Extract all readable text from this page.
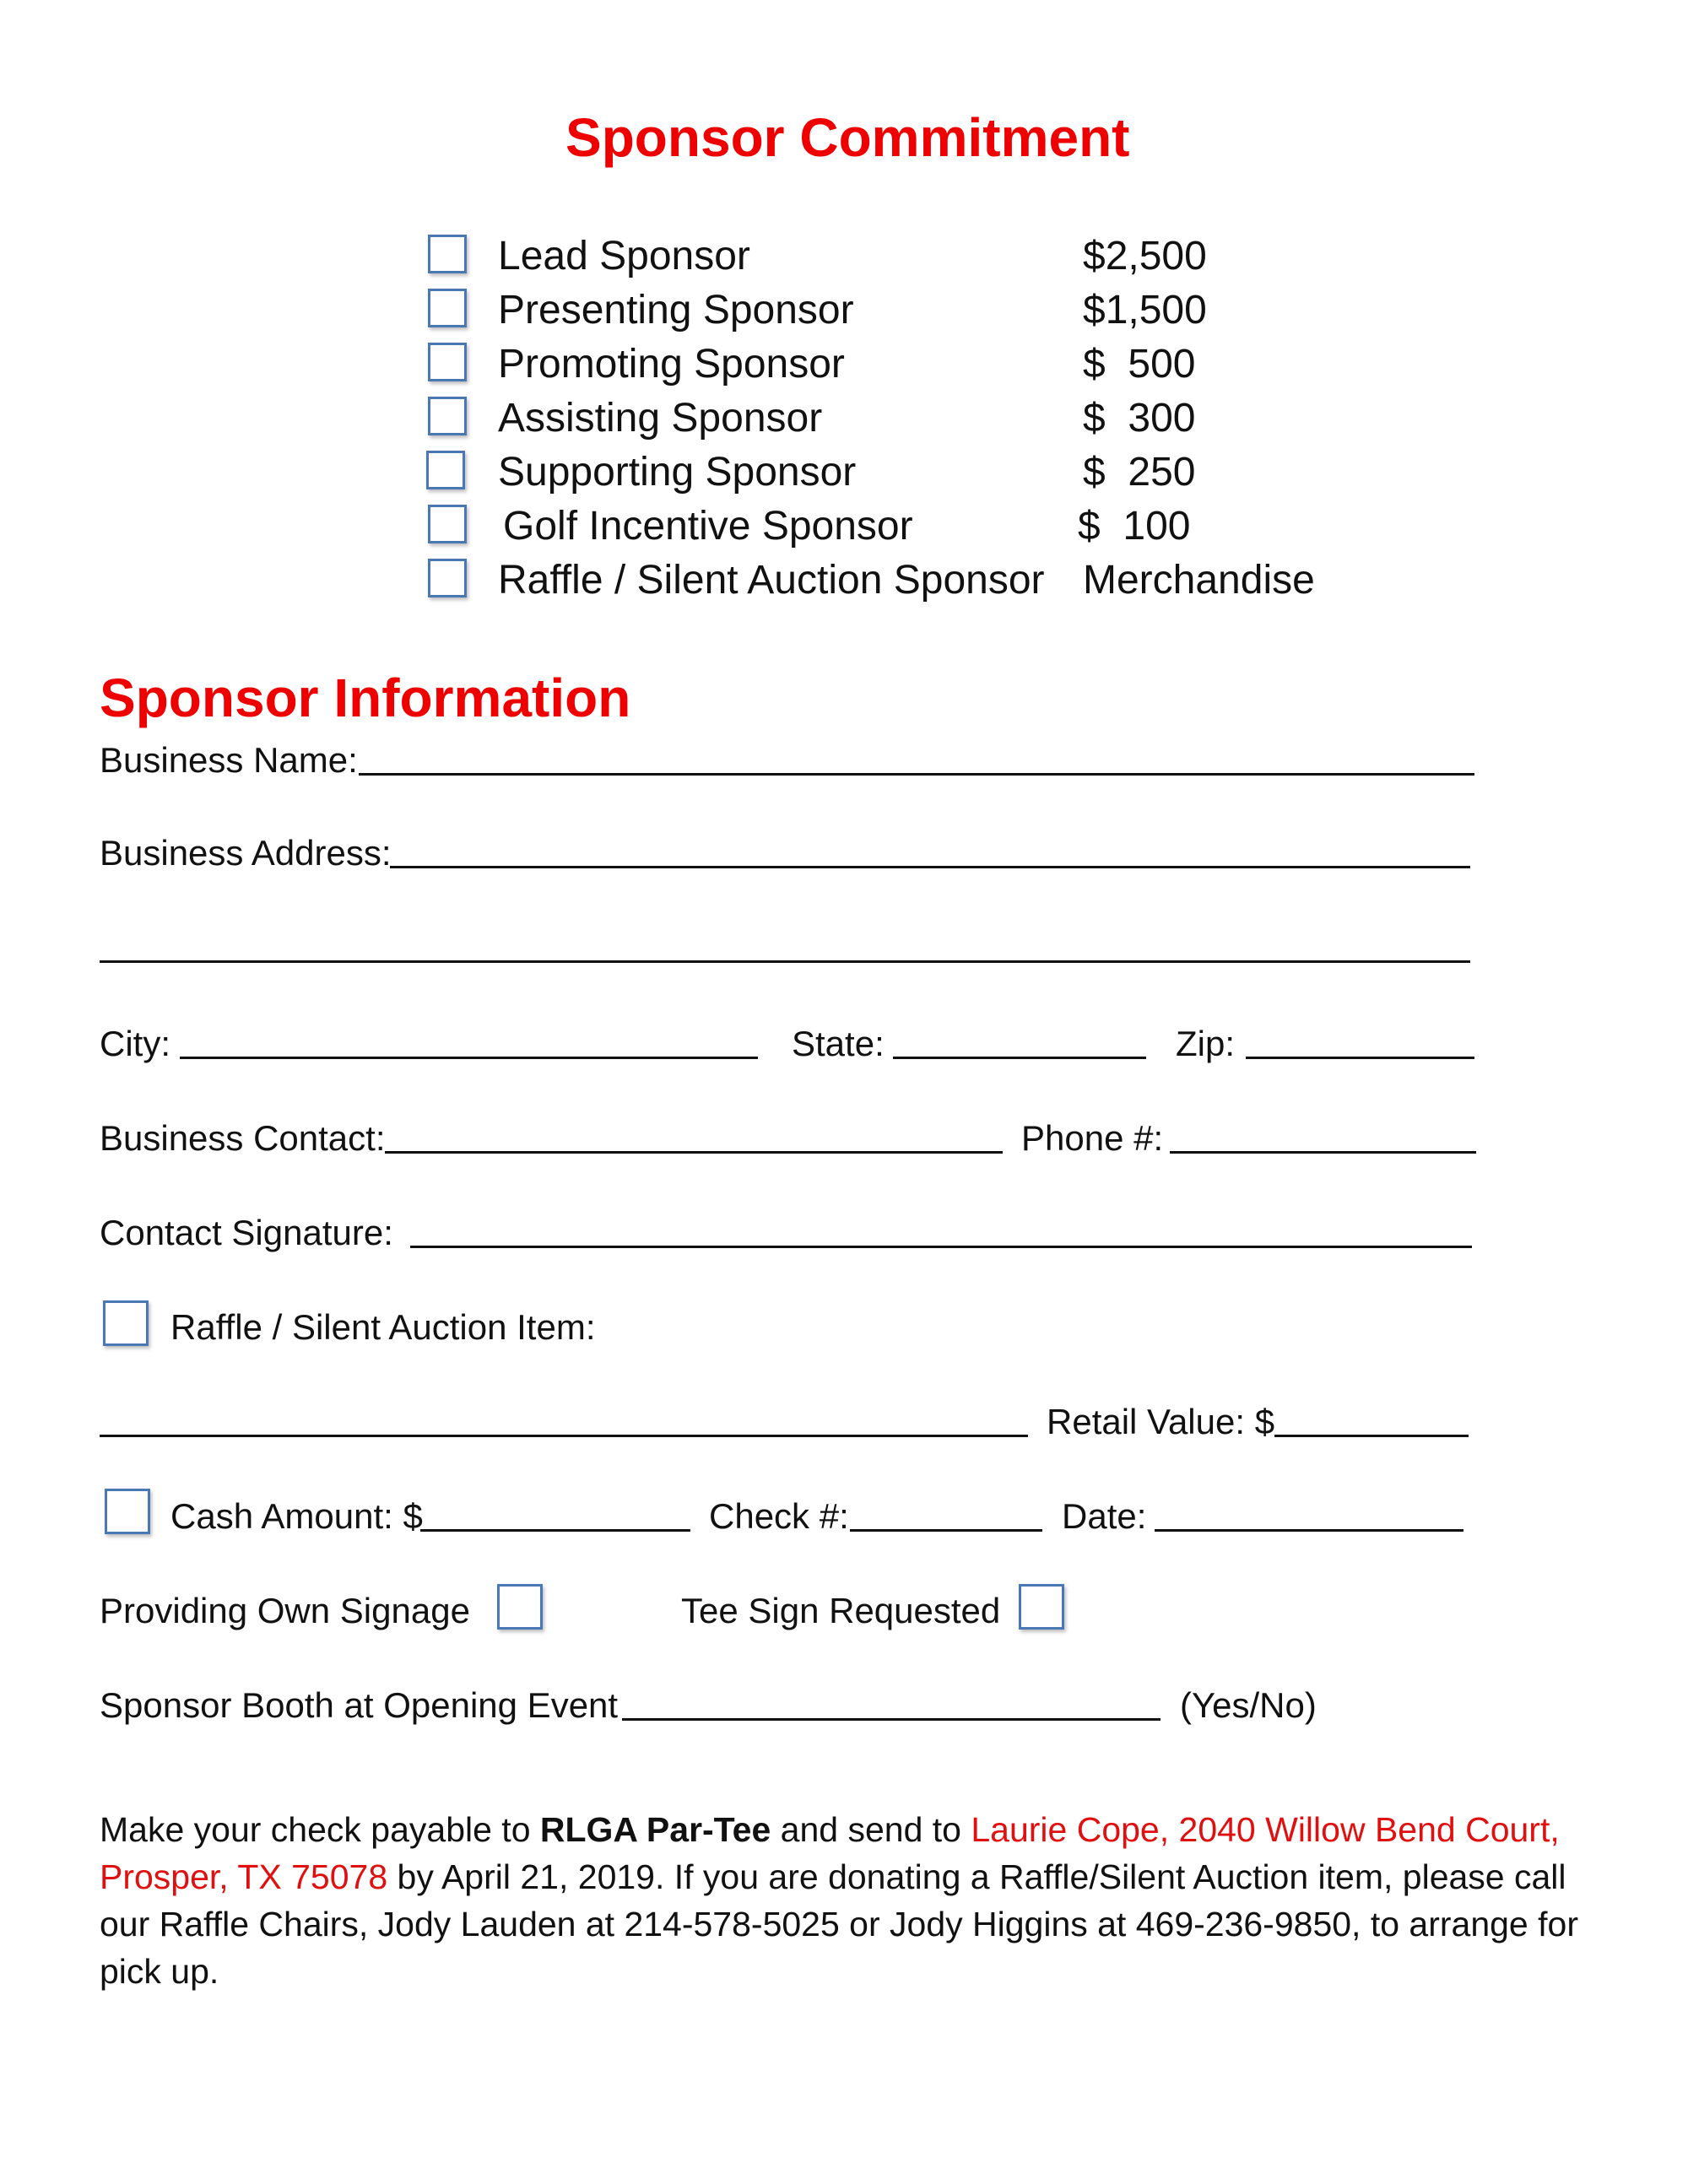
Sponsor Commitment
Lead Sponsor	$2,500
Presenting Sponsor	$1,500
Promoting Sponsor	$  500
Assisting Sponsor	$  300
Supporting Sponsor	$  250
Golf Incentive Sponsor	$  100
Raffle / Silent Auction Sponsor Merchandise
Sponsor Information
Business Name:
Business Address:
City:	State:	Zip:
Business Contact:	Phone #:
Contact Signature:
Raffle / Silent Auction Item:
Retail Value: $
Cash Amount: $	Check #:	Date:
Providing Own Signage	Tee Sign Requested
Sponsor Booth at Opening Event	(Yes/No)
Make your check payable to RLGA Par-Tee and send to Laurie Cope, 2040 Willow Bend Court, Prosper, TX 75078 by April 21, 2019. If you are donating a Raffle/Silent Auction item, please call our Raffle Chairs, Jody Lauden at 214-578-5025 or Jody Higgins at 469-236-9850, to arrange for pick up.
